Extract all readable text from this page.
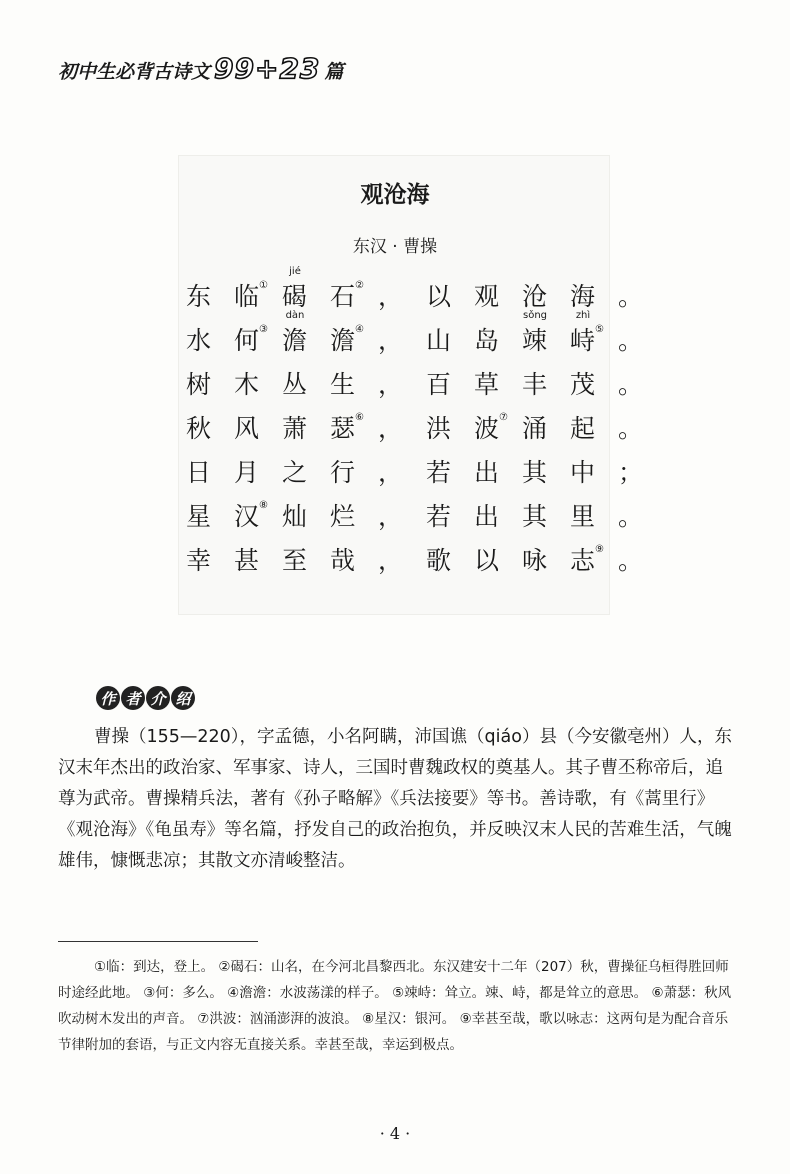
初中生必背古诗文 99+23 篇
观沧海
东汉 · 曹操
东 临 ① 碣
jié
石 ② ， 以 观 沧 海 。
水 何 ③ 澹
dàn
澹 ④ ， 山 岛 竦
sǒng
峙
zhì
⑤ 。
树 木 丛 生 ， 百 草 丰 茂 。
秋 风 萧 瑟 ⑥ ， 洪 波 ⑦ 涌 起 。
日 月 之 行 ， 若 出 其 中 ；
星 汉 ⑧ 灿 烂 ， 若 出 其 里 。
幸 甚 至 哉 ， 歌 以 咏 志 ⑨ 。
作 者 介 绍

曹操（155—220），字孟德，小名阿瞒，沛国谯（qiáo）县（今安徽亳州）人，东汉末年杰出的政治家、军事家、诗人，三国时曹魏政权的奠基人。其子曹丕称帝后，追尊为武帝。曹操精兵法，著有《孙子略解》《兵法接要》等书。善诗歌，有《蒿里行》《观沧海》《龟虽寿》等名篇，抒发自己的政治抱负，并反映汉末人民的苦难生活，气魄雄伟，慷慨悲凉；其散文亦清峻整洁。

①临：到达，登上。 ②碣石：山名，在今河北昌黎西北。东汉建安十二年（207）秋，曹操征乌桓得胜回师时途经此地。 ③何：多么。 ④澹澹：水波荡漾的样子。 ⑤竦峙：耸立。竦、峙，都是耸立的意思。 ⑥萧瑟：秋风吹动树木发出的声音。 ⑦洪波：汹涌澎湃的波浪。 ⑧星汉：银河。 ⑨幸甚至哉，歌以咏志：这两句是为配合音乐节律附加的套语，与正文内容无直接关系。幸甚至哉，幸运到极点。

· 4 ·
